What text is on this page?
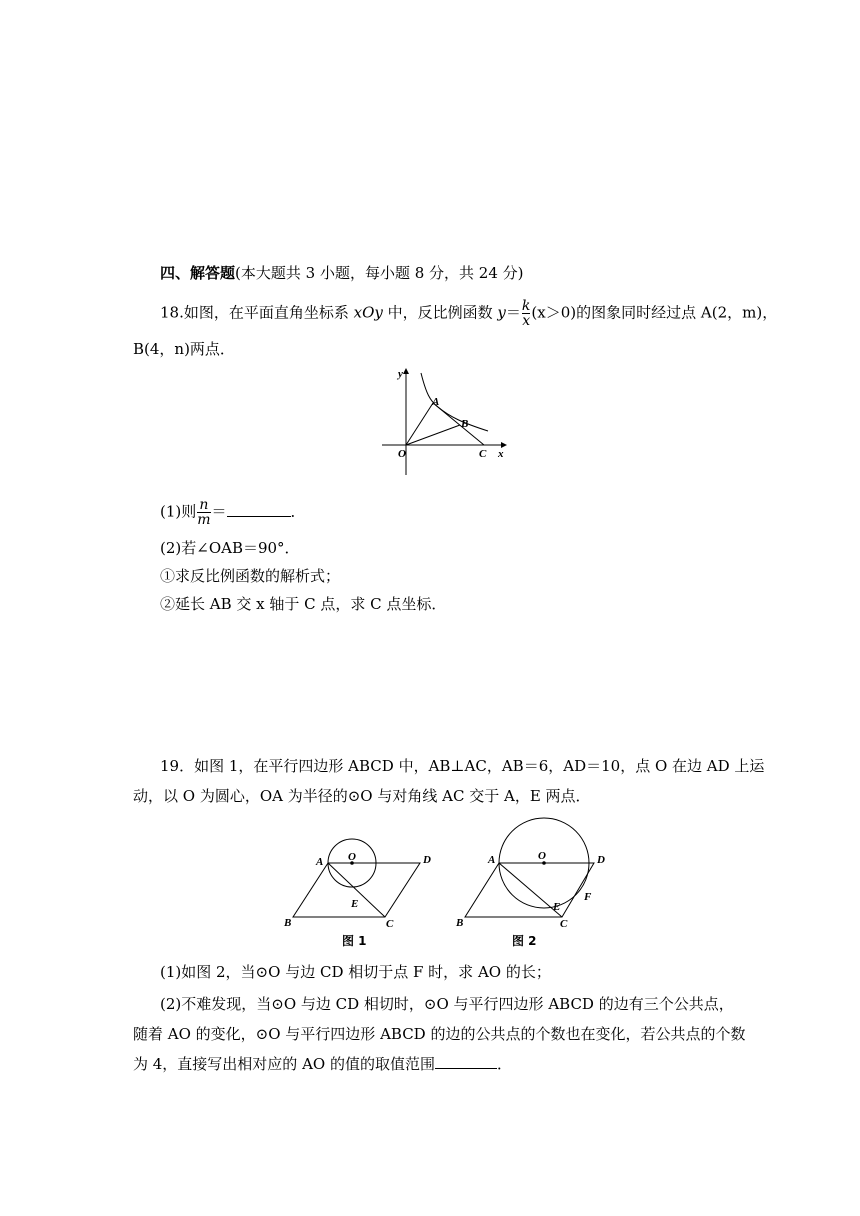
四、解答题(本大题共 3 小题，每小题 8 分，共 24 分)
18.如图，在平面直角坐标系 xOy 中，反比例函数 $y= \frac{k}{x} (x>0)$的图象同时经过点 A(2，m)，
B(4，n)两点．
y
x
O
A
B
C
(1)则 $\frac{n}{m}$ ＝	．
(2)若∠OAB＝90°．
①求反比例函数的解析式；
②延长 AB 交 x 轴于 C 点，求 C 点坐标．
19．如图 1，在平行四边形 ABCD 中，AB⊥AC，AB＝6，AD＝10，点 O 在边 AD 上运
动，以 O 为圆心，OA 为半径的⊙O 与对角线 AC 交于 A，E 两点．
A O	D
B	C
E
图 1
A	O	D
B	C
E
F
图 2
(1)如图 2，当⊙O 与边 CD 相切于点 F 时，求 AO 的长；
(2)不难发现，当⊙O 与边 CD 相切时，⊙O 与平行四边形 ABCD 的边有三个公共点，
随着 AO 的变化，⊙O 与平行四边形 ABCD 的边的公共点的个数也在变化，若公共点的个数
为 4，直接写出相对应的 AO 的值的取值范围	．
